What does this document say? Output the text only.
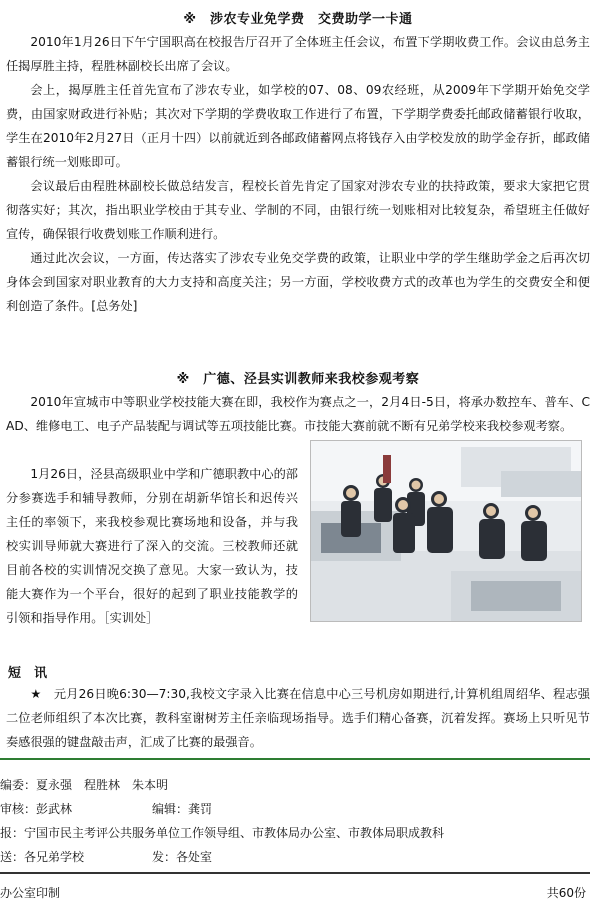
※　涉农专业免学费　交费助学一卡通

2010年1月26日下午宁国职高在校报告厅召开了全体班主任会议，布置下学期收费工作。会议由总务主任揭厚胜主持，程胜林副校长出席了会议。

会上，揭厚胜主任首先宣布了涉农专业，如学校的07、08、09农经班，从2009年下学期开始免交学费，由国家财政进行补贴；其次对下学期的学费收取工作进行了布置，下学期学费委托邮政储蓄银行收取，学生在2010年2月27日（正月十四）以前就近到各邮政储蓄网点将钱存入由学校发放的助学金存折，邮政储蓄银行统一划账即可。

会议最后由程胜林副校长做总结发言，程校长首先肯定了国家对涉农专业的扶持政策，要求大家把它贯彻落实好；其次，指出职业学校由于其专业、学制的不同，由银行统一划账相对比较复杂，希望班主任做好宣传，确保银行收费划账工作顺利进行。

通过此次会议，一方面，传达落实了涉农专业免交学费的政策，让职业中学的学生继助学金之后再次切身体会到国家对职业教育的大力支持和高度关注；另一方面，学校收费方式的改革也为学生的交费安全和便利创造了条件。[总务处]

※　广德、泾县实训教师来我校参观考察

2010年宣城市中等职业学校技能大赛在即，我校作为赛点之一，2月4日-5日，将承办数控车、普车、CAD、维修电工、电子产品装配与调试等五项技能比赛。市技能大赛前就不断有兄弟学校来我校参观考察。

1月26日，泾县高级职业中学和广德职教中心的部分参赛选手和辅导教师，分别在胡新华馆长和迟传兴主任的率领下，来我校参观比赛场地和设备，并与我校实训导师就大赛进行了深入的交流。三校教师还就目前各校的实训情况交换了意见。大家一致认为，技能大赛作为一个平台，很好的起到了职业技能教学的引领和指导作用。［实训处］

短　讯

★　元月26日晚6:30—7:30,我校文字录入比赛在信息中心三号机房如期进行,计算机组周绍华、程志强二位老师组织了本次比赛，教科室谢树芳主任亲临现场指导。选手们精心备赛，沉着发挥。赛场上只听见节奏感很强的键盘敲击声，汇成了比赛的最强音。

编委：夏永强　程胜林　朱本明
审核：彭武林	编辑：龚罚
报：宁国市民主考评公共服务单位工作领导组、市教体局办公室、市教体局职成教科
送：各兄弟学校	发：各处室
办公室印制	共60份
